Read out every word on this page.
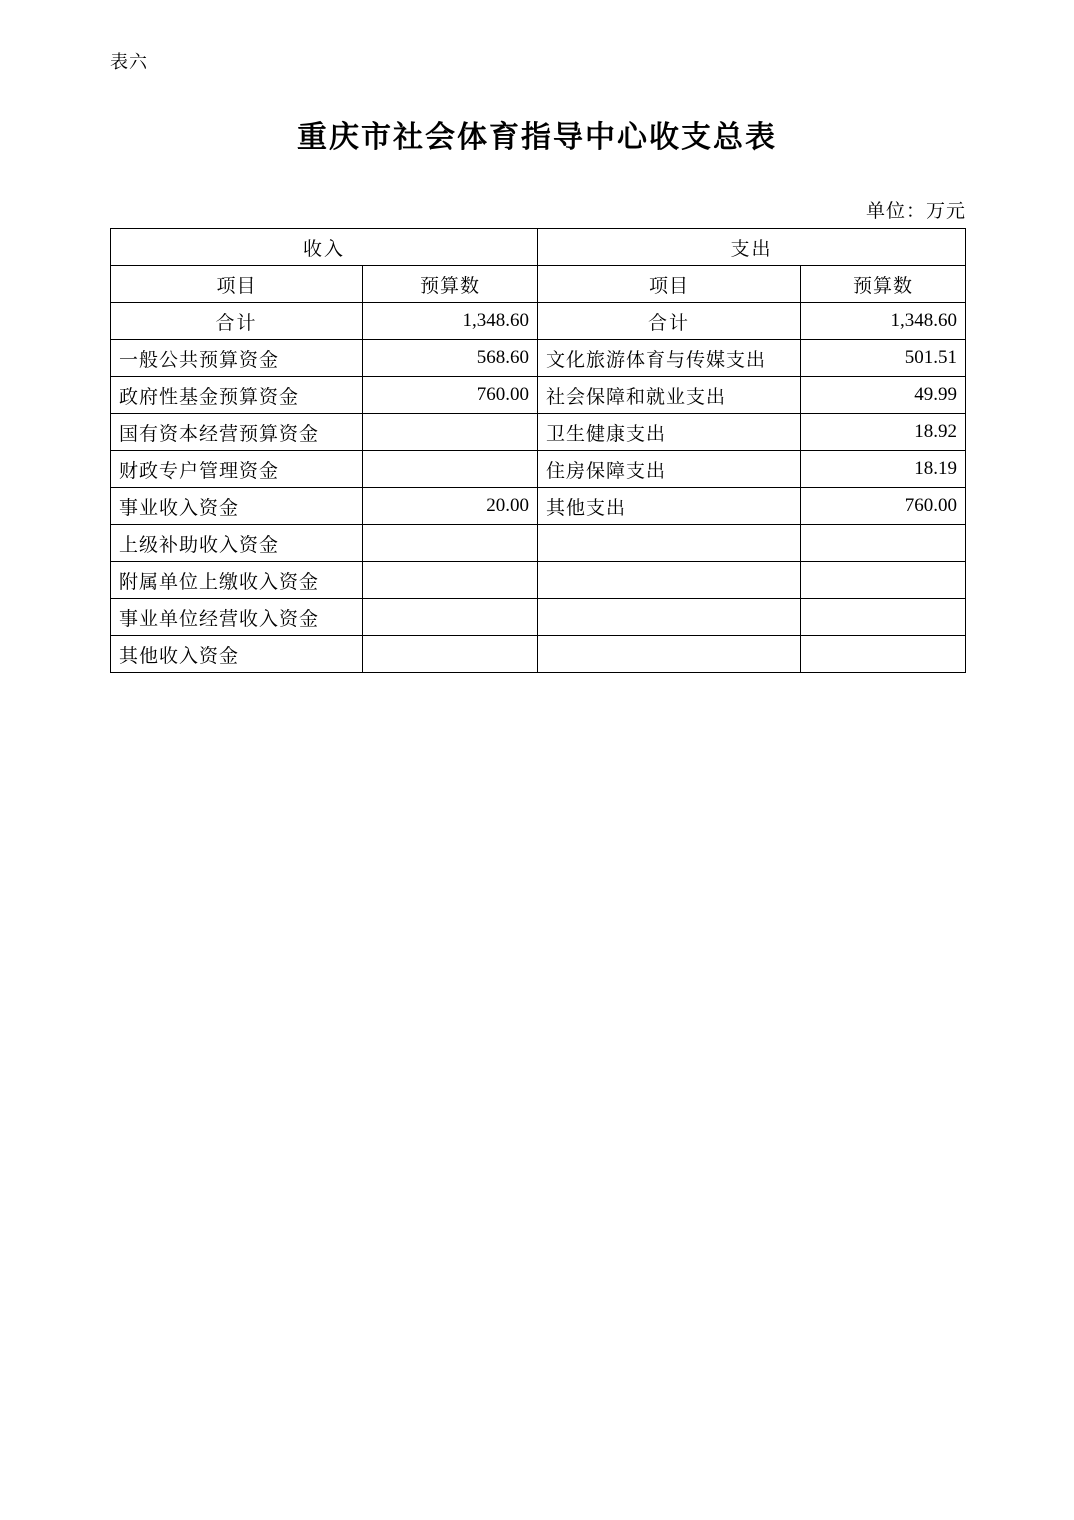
表六
重庆市社会体育指导中心收支总表
单位：万元
收入		支出	
项目	预算数	项目	预算数
合计	1,348.60	合计	1,348.60
一般公共预算资金	568.60	文化旅游体育与传媒支出	501.51
政府性基金预算资金	760.00	社会保障和就业支出	49.99
国有资本经营预算资金		卫生健康支出	18.92
财政专户管理资金		住房保障支出	18.19
事业收入资金	20.00	其他支出	760.00
上级补助收入资金			
附属单位上缴收入资金			
事业单位经营收入资金			
其他收入资金			
